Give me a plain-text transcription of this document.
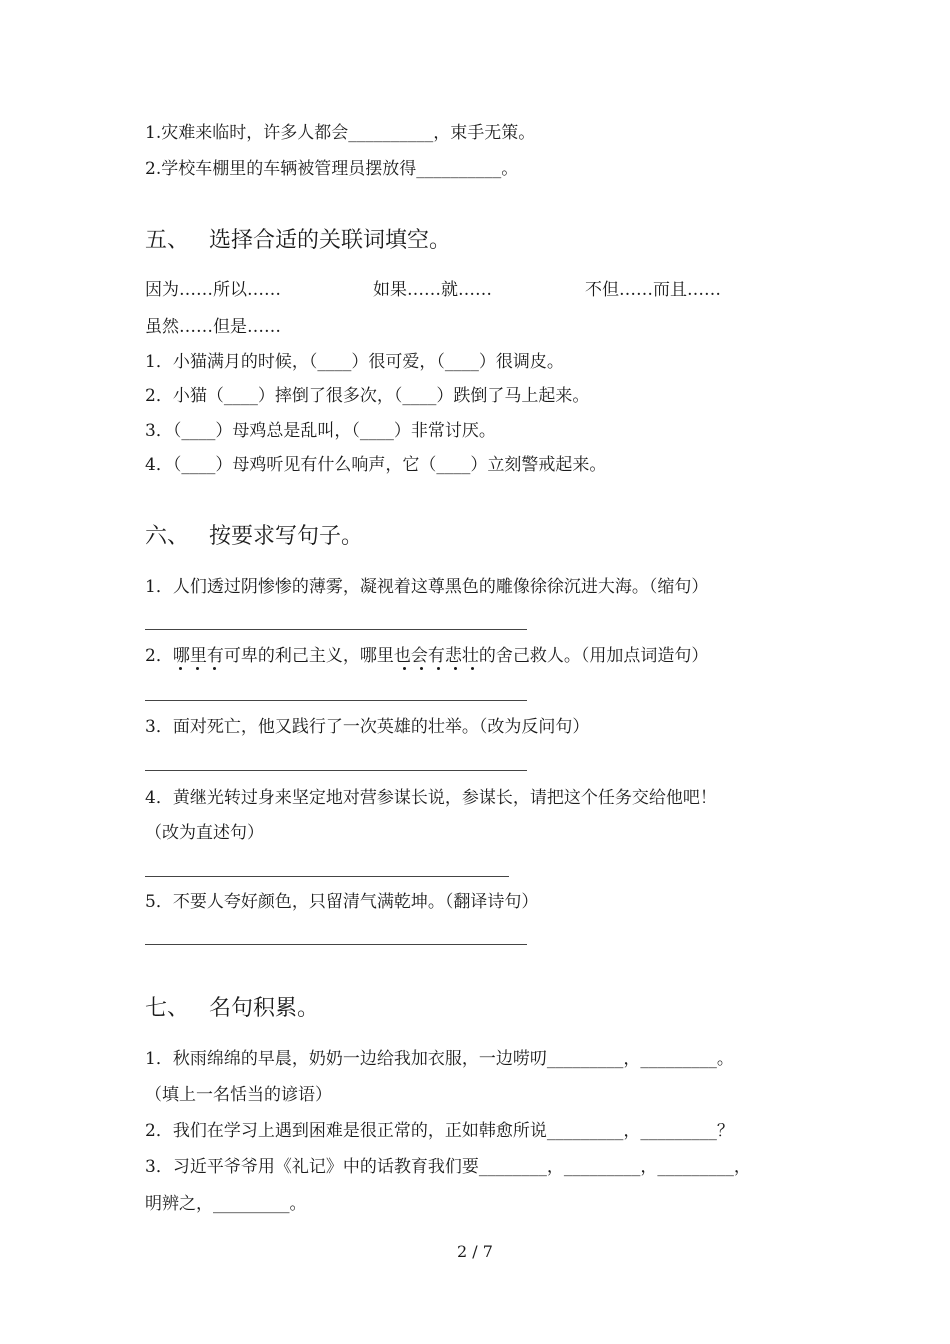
1.灾难来临时，许多人都会__________，束手无策。
2.学校车棚里的车辆被管理员摆放得__________。
五、 选择合适的关联词填空。
因为……所以……	如果……就……	不但……而且……
虽然……但是……
1．小猫满月的时候，（____）很可爱，（____）很调皮。
2．小猫（____）摔倒了很多次，（____）跌倒了马上起来。
3．（____）母鸡总是乱叫，（____）非常讨厌。
4．（____）母鸡听见有什么响声，它（____）立刻警戒起来。
六、 按要求写句子。
1．人们透过阴惨惨的薄雾，凝视着这尊黑色的雕像徐徐沉进大海。（缩句）
2．哪里有可卑的利己主义，哪里也会有悲壮的舍己救人。（用加点词造句）
3．面对死亡，他又践行了一次英雄的壮举。（改为反问句）
4．黄继光转过身来坚定地对营参谋长说，参谋长，请把这个任务交给他吧！
（改为直述句）
5．不要人夸好颜色，只留清气满乾坤。（翻译诗句）
七、 名句积累。
1．秋雨绵绵的早晨，奶奶一边给我加衣服，一边唠叨_________，_________。
（填上一名恬当的谚语）
2．我们在学习上遇到困难是很正常的，正如韩愈所说_________，_________？
3．习近平爷爷用《礼记》中的话教育我们要________，_________，_________，
明辨之，_________。
2 / 7
